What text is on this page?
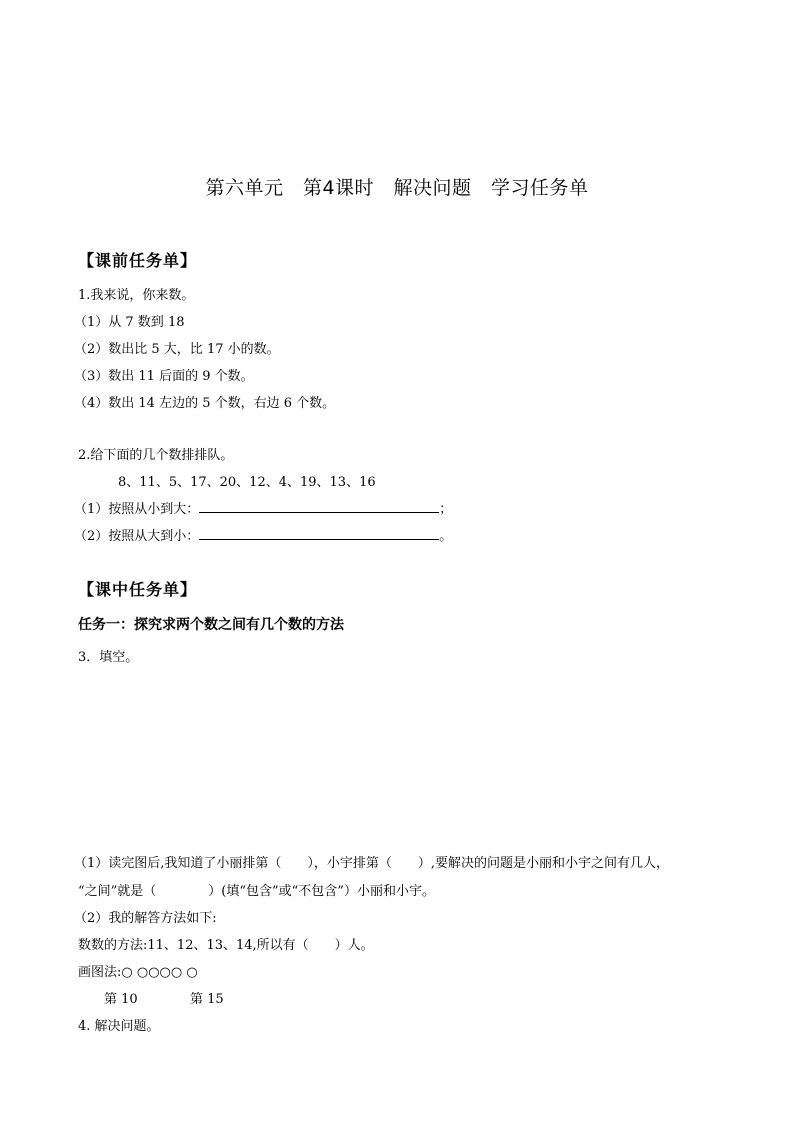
第六单元　第4课时　解决问题　学习任务单
【课前任务单】
1.我来说，你来数。
（1）从 7 数到 18
（2）数出比 5 大，比 17 小的数。
（3）数出 11 后面的 9 个数。
（4）数出 14 左边的 5 个数，右边 6 个数。
2.给下面的几个数排排队。
8、11、5、17、20、12、4、19、13、16
（1）按照从小到大：	；
（2）按照从大到小：	。
【课中任务单】
任务一：探究求两个数之间有几个数的方法
3．填空。
（1）读完图后,我知道了小丽排第（　　），小宇排第（　　）,要解决的问题是小丽和小宇之间有几人，
“之间”就是（　　　　）(填“包含”或“不包含”）小丽和小宇。
（2）我的解答方法如下:
数数的方法:11、12、13、14,所以有（　　）人。
画图法:○ ○○○○ ○
第 10	第 15
4. 解决问题。
